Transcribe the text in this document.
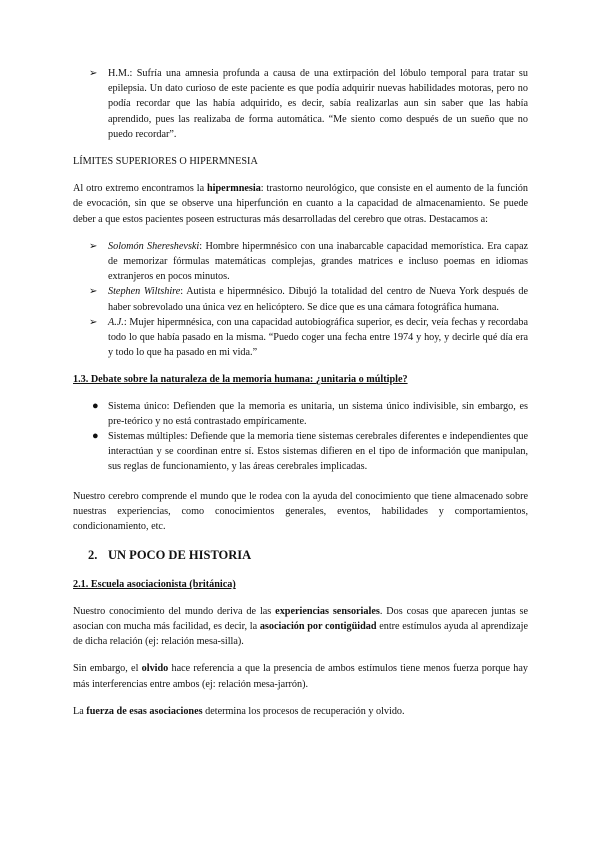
➢ H.M.: Sufría una amnesia profunda a causa de una extirpación del lóbulo temporal para tratar su epilepsia. Un dato curioso de este paciente es que podía adquirir nuevas habilidades motoras, pero no podía recordar que las había adquirido, es decir, sabía realizarlas aun sin saber que las había aprendido, pues las realizaba de forma automática. “Me siento como después de un sueño que no puedo recordar”.
LÍMITES SUPERIORES O HIPERMNESIA

Al otro extremo encontramos la hipermnesia: trastorno neurológico, que consiste en el aumento de la función de evocación, sin que se observe una hiperfunción en cuanto a la capacidad de almacenamiento. Se puede deber a que estos pacientes poseen estructuras más desarrolladas del cerebro que otras. Destacamos a:

➢ Solomón Shereshevski: Hombre hipermnésico con una inabarcable capacidad memorística. Era capaz de memorizar fórmulas matemáticas complejas, grandes matrices e incluso poemas en idiomas extranjeros en pocos minutos.
➢ Stephen Wiltshire: Autista e hipermnésico. Dibujó la totalidad del centro de Nueva York después de haber sobrevolado una única vez en helicóptero. Se dice que es una cámara fotográfica humana.
➢ A.J.: Mujer hipermnésica, con una capacidad autobiográfica superior, es decir, veía fechas y recordaba todo lo que había pasado en la misma. “Puedo coger una fecha entre 1974 y hoy, y decirle qué día era y todo lo que ha pasado en mi vida.”
1.3. Debate sobre la naturaleza de la memoria humana: ¿unitaria o múltiple?
● Sistema único: Defienden que la memoria es unitaria, un sistema único indivisible, sin embargo, es pre-teórico y no está contrastado empíricamente.
● Sistemas múltiples: Defiende que la memoria tiene sistemas cerebrales diferentes e independientes que interactúan y se coordinan entre sí. Estos sistemas difieren en el tipo de información que manipulan, sus reglas de funcionamiento, y las áreas cerebrales implicadas.

Nuestro cerebro comprende el mundo que le rodea con la ayuda del conocimiento que tiene almacenado sobre nuestras experiencias, como conocimientos generales, eventos, habilidades y comportamientos, condicionamiento, etc.

2. UN POCO DE HISTORIA
2.1. Escuela asociacionista (británica)

Nuestro conocimiento del mundo deriva de las experiencias sensoriales. Dos cosas que aparecen juntas se asocian con mucha más facilidad, es decir, la asociación por contigüidad entre estímulos ayuda al aprendizaje de dicha relación (ej: relación mesa-silla).

Sin embargo, el olvido hace referencia a que la presencia de ambos estímulos tiene menos fuerza porque hay más interferencias entre ambos (ej: relación mesa-jarrón).

La fuerza de esas asociaciones determina los procesos de recuperación y olvido.
